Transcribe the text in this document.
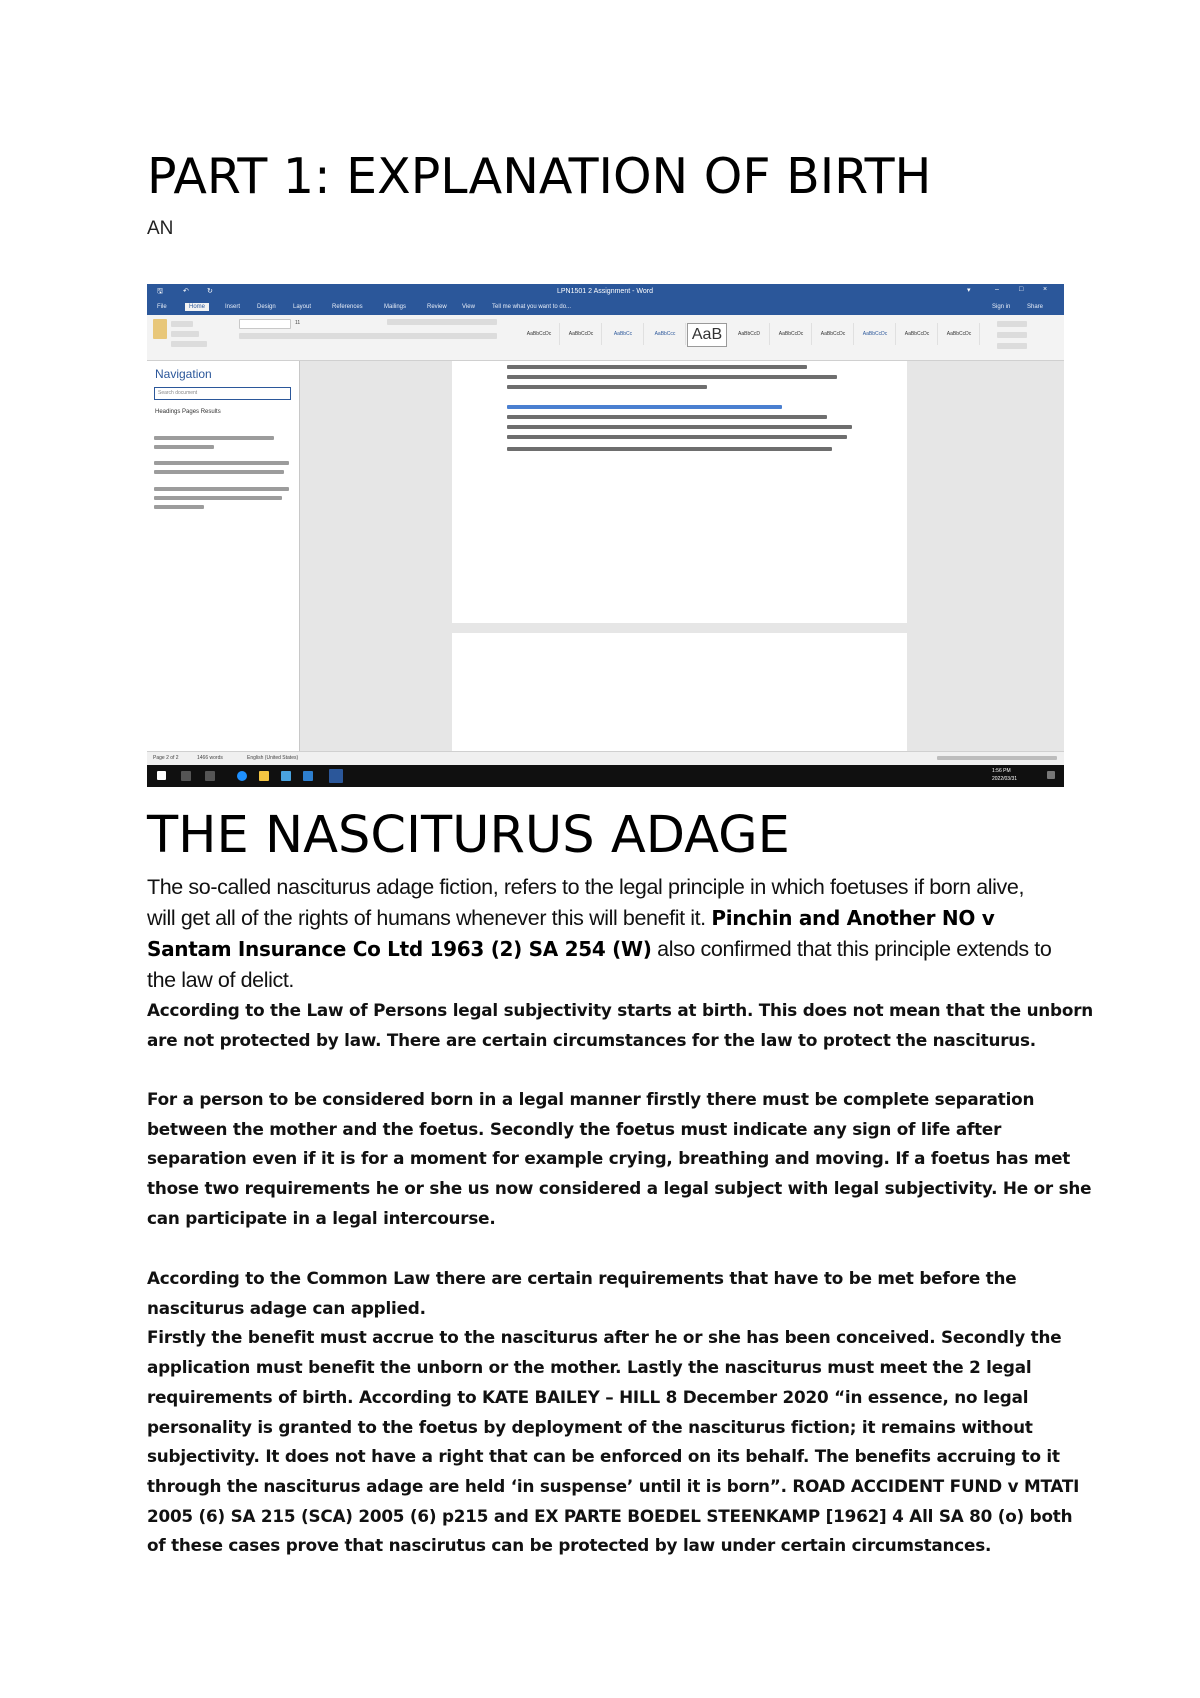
PART 1: EXPLANATION OF BIRTH
AN
🖫	↶	↻	LPN1501 2 Assignment - Word	▾	–	□	×
File	Home	Insert	Design	Layout	References	Mailings	Review	View	Tell me what you want to do...	Sign in	Share
11
AaBbCcDc	AaBbCcDc	AaBbCc	AaBbCcc	AaB	AaBbCcD	AaBbCcDc	AaBbCcDc	AaBbCcDc	AaBbCcDc	AaBbCcDc
Navigation
Search document
Headings Pages Results
Page 2 of 2	1466 words	English (United States)
1:56 PM
2022/03/31
THE NASCITURUS ADAGE
The so-called nasciturus adage fiction, refers to the legal principle in which foetuses if born alive, will get all of the rights of humans whenever this will benefit it. Pinchin and Another NO v Santam Insurance Co Ltd 1963 (2) SA 254 (W) also confirmed that this principle extends to the law of delict.
According to the Law of Persons legal subjectivity starts at birth. This does not mean that the unborn
are not protected by law. There are certain circumstances for the law to protect the nasciturus.
For a person to be considered born in a legal manner firstly there must be complete separation
between the mother and the foetus. Secondly the foetus must indicate any sign of life after
separation even if it is for a moment for example crying, breathing and moving. If a foetus has met
those two requirements he or she us now considered a legal subject with legal subjectivity. He or she
can participate in a legal intercourse.
According to the Common Law there are certain requirements that have to be met before the
nasciturus adage can applied.
Firstly the benefit must accrue to the nasciturus after he or she has been conceived. Secondly the
application must benefit the unborn or the mother. Lastly the nasciturus must meet the 2 legal
requirements of birth. According to KATE BAILEY – HILL 8 December 2020 “in essence, no legal
personality is granted to the foetus by deployment of the nasciturus fiction; it remains without
subjectivity. It does not have a right that can be enforced on its behalf. The benefits accruing to it
through the nasciturus adage are held ‘in suspense’ until it is born”. ROAD ACCIDENT FUND v MTATI
2005 (6) SA 215 (SCA) 2005 (6) p215 and EX PARTE BOEDEL STEENKAMP [1962] 4 All SA 80 (o) both
of these cases prove that nascirutus can be protected by law under certain circumstances.
